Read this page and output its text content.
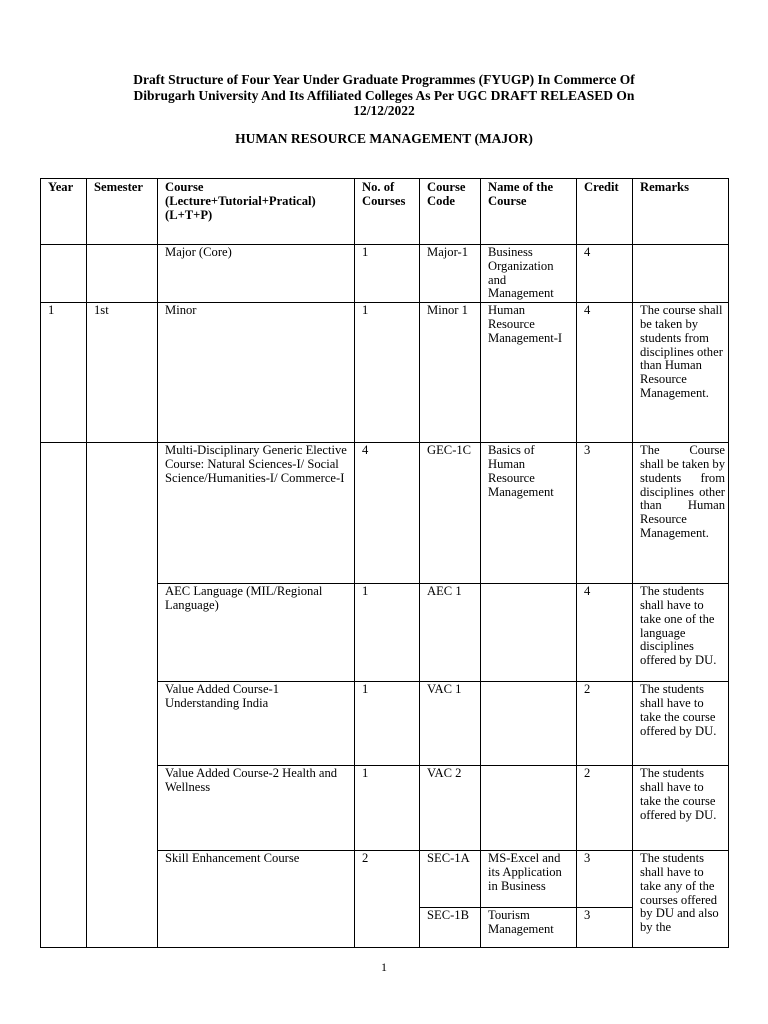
Draft Structure of Four Year Under Graduate Programmes (FYUGP) In Commerce Of
Dibrugarh University And Its Affiliated Colleges As Per UGC DRAFT RELEASED On
12/12/2022
HUMAN RESOURCE MANAGEMENT (MAJOR)
Year	Semester	Course
(Lecture+Tutorial+Pratical)
(L+T+P)	No. of Courses	Course Code	Name of the Course	Credit	Remarks
		Major (Core)	1	Major-1	Business Organization and Management	4	
1	1st	Minor	1	Minor 1	Human Resource Management-I	4	The course shall be taken by students from disciplines other than Human Resource Management.
		Multi-Disciplinary Generic Elective Course: Natural Sciences-I/ Social Science/Humanities-I/ Commerce-I	4	GEC-1C	Basics of Human Resource Management	3	The Course shall be taken by students from disciplines other than Human Resource Management.
		AEC Language (MIL/Regional Language)	1	AEC 1		4	The students shall have to take one of the language disciplines offered by DU.
		Value Added Course-1 Understanding India	1	VAC 1		2	The students shall have to take the course offered by DU.
		Value Added Course-2 Health and Wellness	1	VAC 2		2	The students shall have to take the course offered by DU.
		Skill Enhancement Course	2	SEC-1A	MS-Excel and its Application in Business	3	The students shall have to take any of the courses offered by DU and also by the
				SEC-1B	Tourism Management	3	
1
